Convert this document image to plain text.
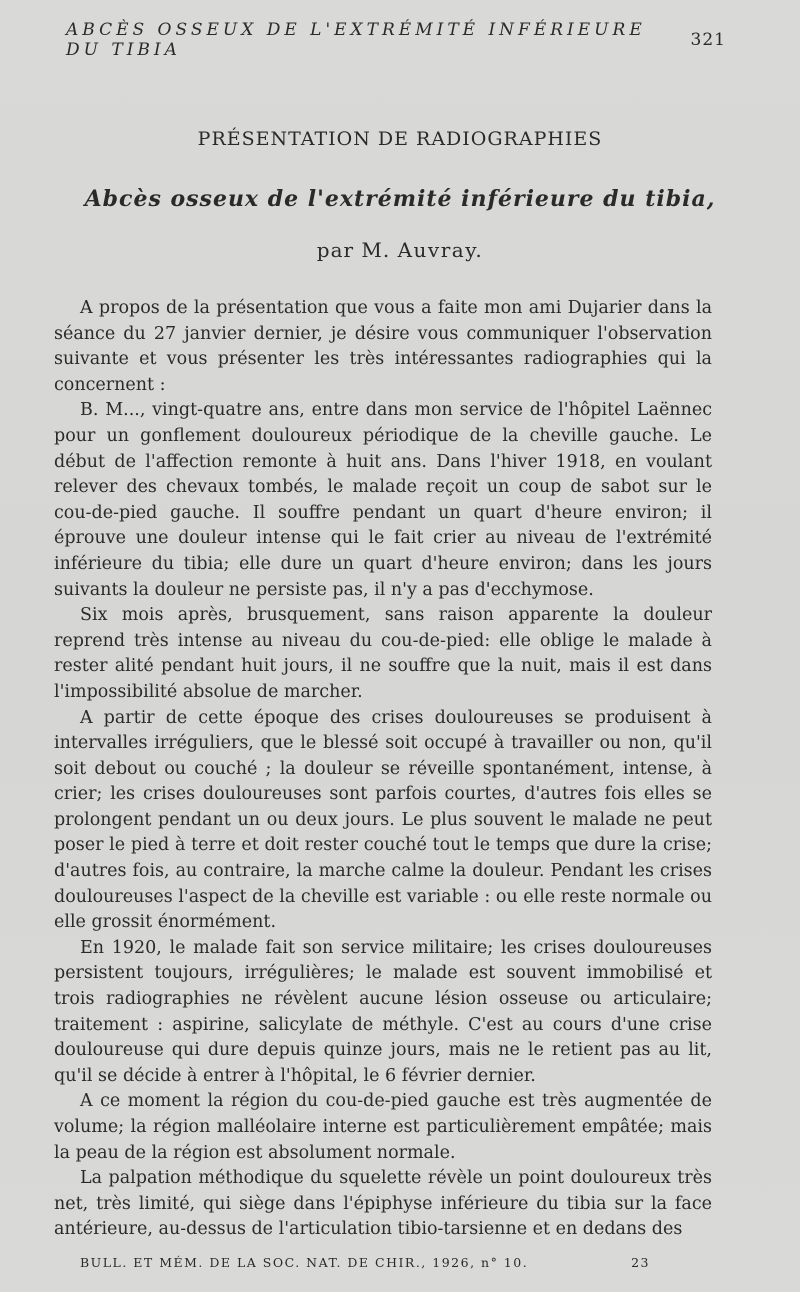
ABCÈS OSSEUX DE L'EXTRÉMITÉ INFÉRIEURE DU TIBIA	321
PRÉSENTATION DE RADIOGRAPHIES
Abcès osseux de l'extrémité inférieure du tibia,
par M. Auvray.

A propos de la présentation que vous a faite mon ami Dujarier dans la séance du 27 janvier dernier, je désire vous communiquer l'observation suivante et vous présenter les très intéressantes radiographies qui la concernent :

B. M..., vingt-quatre ans, entre dans mon service de l'hôpitel Laënnec pour un gonflement douloureux périodique de la cheville gauche. Le début de l'affection remonte à huit ans. Dans l'hiver 1918, en voulant relever des chevaux tombés, le malade reçoit un coup de sabot sur le cou-de-pied gauche. Il souffre pendant un quart d'heure environ; il éprouve une douleur intense qui le fait crier au niveau de l'extrémité inférieure du tibia; elle dure un quart d'heure environ; dans les jours suivants la douleur ne persiste pas, il n'y a pas d'ecchymose.

Six mois après, brusquement, sans raison apparente la douleur reprend très intense au niveau du cou-de-pied: elle oblige le malade à rester alité pendant huit jours, il ne souffre que la nuit, mais il est dans l'impossibilité absolue de marcher.

A partir de cette époque des crises douloureuses se produisent à intervalles irréguliers, que le blessé soit occupé à travailler ou non, qu'il soit debout ou couché ; la douleur se réveille spontanément, intense, à crier; les crises douloureuses sont parfois courtes, d'autres fois elles se prolongent pendant un ou deux jours. Le plus souvent le malade ne peut poser le pied à terre et doit rester couché tout le temps que dure la crise; d'autres fois, au contraire, la marche calme la douleur. Pendant les crises douloureuses l'aspect de la cheville est variable : ou elle reste normale ou elle grossit énormément.

En 1920, le malade fait son service militaire; les crises douloureuses persistent toujours, irrégulières; le malade est souvent immobilisé et trois radiographies ne révèlent aucune lésion osseuse ou articulaire; traitement : aspirine, salicylate de méthyle. C'est au cours d'une crise douloureuse qui dure depuis quinze jours, mais ne le retient pas au lit, qu'il se décide à entrer à l'hôpital, le 6 février dernier.

A ce moment la région du cou-de-pied gauche est très augmentée de volume; la région malléolaire interne est particulièrement empâtée; mais la peau de la région est absolument normale.

La palpation méthodique du squelette révèle un point douloureux très net, très limité, qui siège dans l'épiphyse inférieure du tibia sur la face antérieure, au-dessus de l'articulation tibio-tarsienne et en dedans des

BULL. ET MÉM. DE LA SOC. NAT. DE CHIR., 1926, n° 10.	23
